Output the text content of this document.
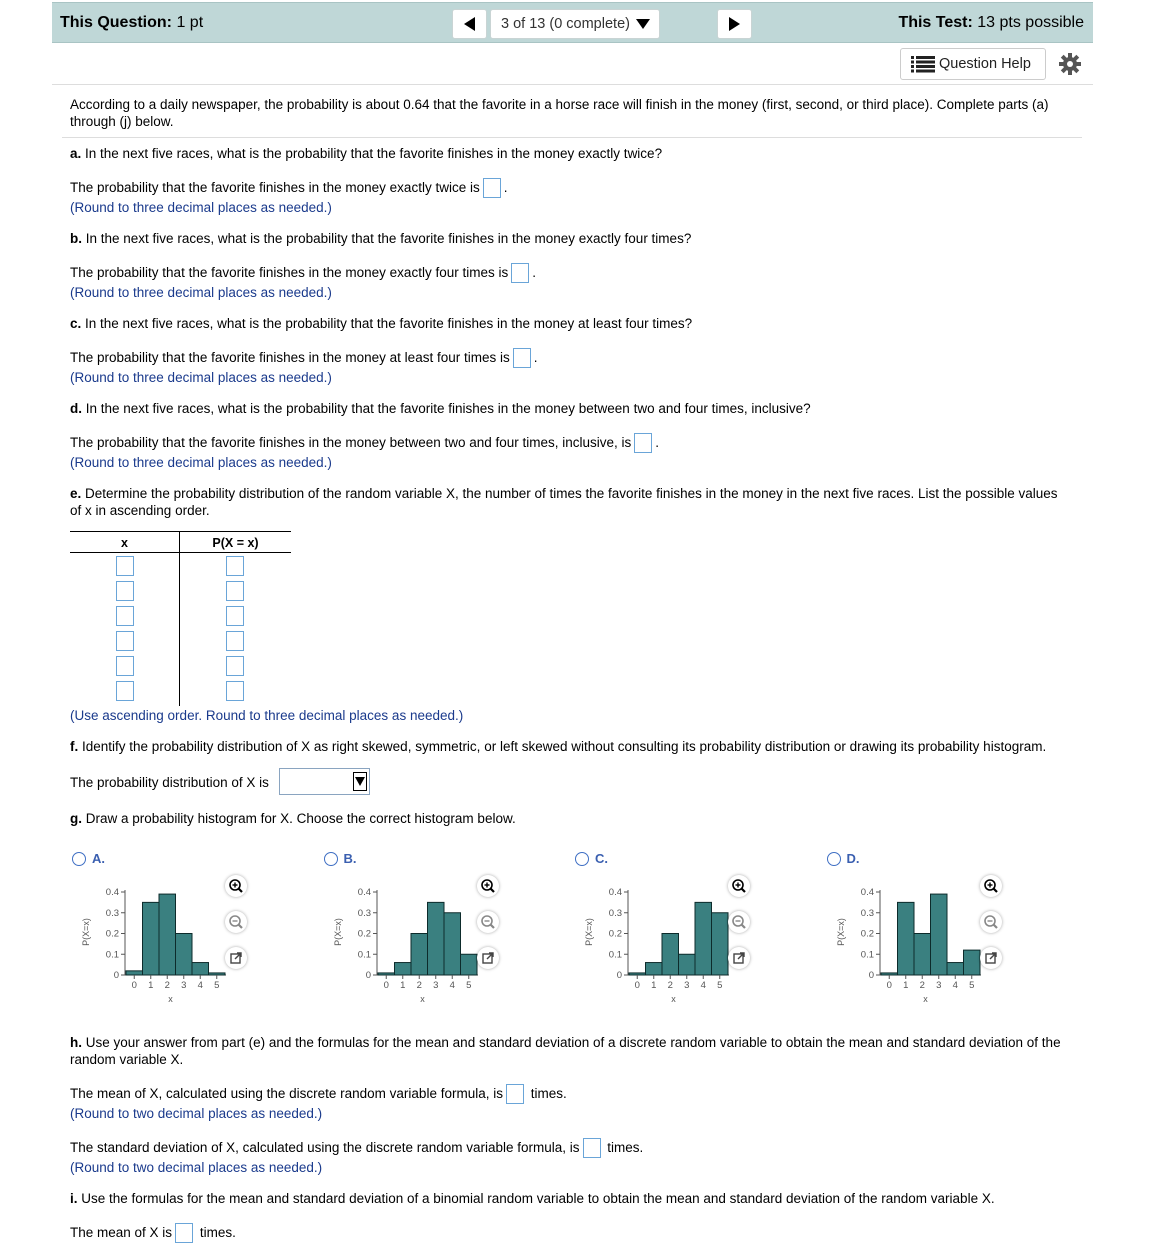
This Question: 1 pt	3 of 13 (0 complete)	This Test: 13 pts possible
Question Help
According to a daily newspaper, the probability is about 0.64 that the favorite in a horse race will finish in the money (first, second, or third place). Complete parts (a) through (j) below.
a. In the next five races, what is the probability that the favorite finishes in the money exactly twice?
The probability that the favorite finishes in the money exactly twice is .
(Round to three decimal places as needed.)
b. In the next five races, what is the probability that the favorite finishes in the money exactly four times?
The probability that the favorite finishes in the money exactly four times is .
(Round to three decimal places as needed.)
c. In the next five races, what is the probability that the favorite finishes in the money at least four times?
The probability that the favorite finishes in the money at least four times is .
(Round to three decimal places as needed.)
d. In the next five races, what is the probability that the favorite finishes in the money between two and four times, inclusive?
The probability that the favorite finishes in the money between two and four times, inclusive, is .
(Round to three decimal places as needed.)
e. Determine the probability distribution of the random variable X, the number of times the favorite finishes in the money in the next five races. List the possible values of x in ascending order.
x	P(X = x)
(Use ascending order. Round to three decimal places as needed.)
f. Identify the probability distribution of X as right skewed, symmetric, or left skewed without consulting its probability distribution or drawing its probability histogram.
The probability distribution of X is
g. Draw a probability histogram for X. Choose the correct histogram below.
A.
0
0.1
0.2
0.3
0.4
P(X=x)
0 1 2 3 4 5
x
B.
0
0.1
0.2
0.3
0.4
P(X=x)
0 1 2 3 4 5
x
C.
0
0.1
0.2
0.3
0.4
P(X=x)
0 1 2 3 4 5
x
D.
0
0.1
0.2
0.3
0.4
P(X=x)
0 1 2 3 4 5
x
h. Use your answer from part (e) and the formulas for the mean and standard deviation of a discrete random variable to obtain the mean and standard deviation of the random variable X.
The mean of X, calculated using the discrete random variable formula, is times.
(Round to two decimal places as needed.)
The standard deviation of X, calculated using the discrete random variable formula, is times.
(Round to two decimal places as needed.)
i. Use the formulas for the mean and standard deviation of a binomial random variable to obtain the mean and standard deviation of the random variable X.
The mean of X is times.
